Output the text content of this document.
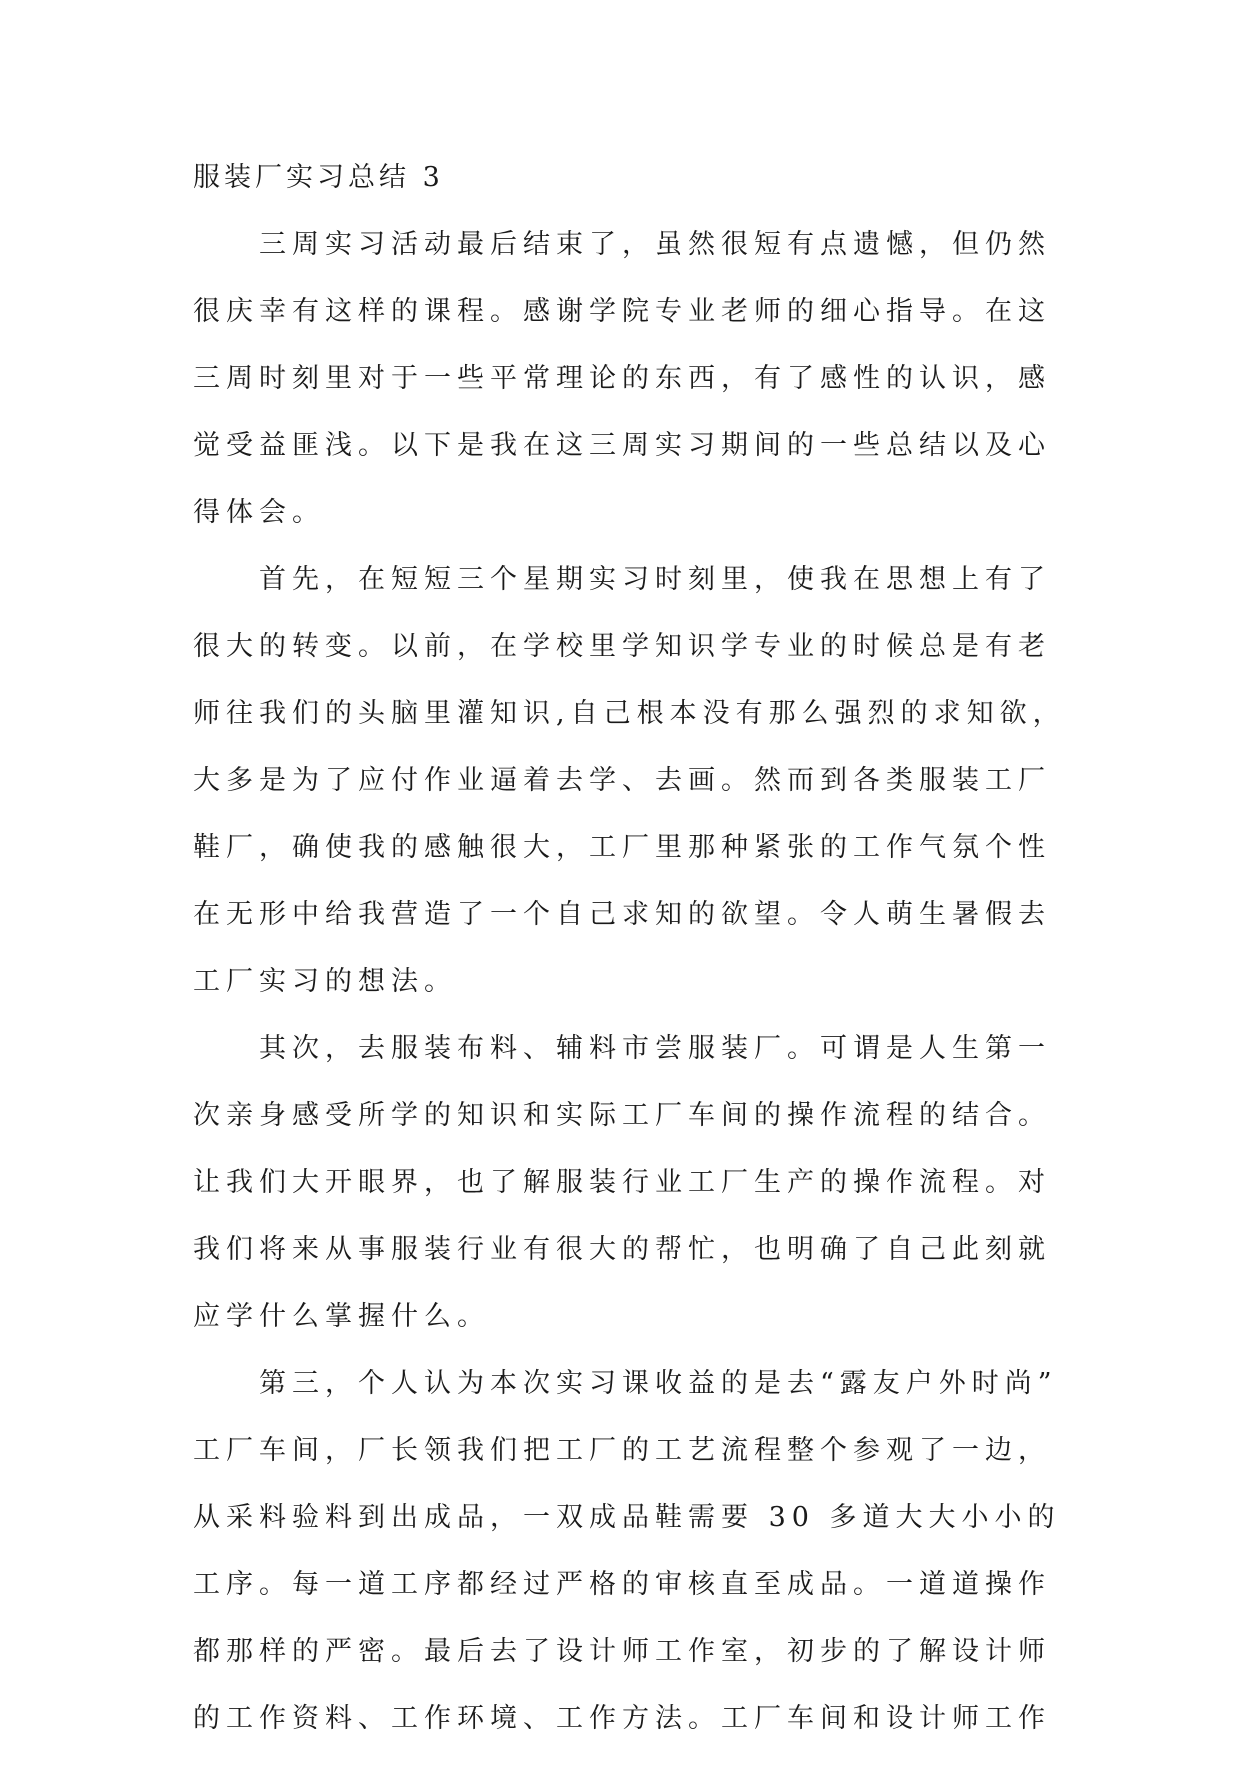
服装厂实习总结 3
三周实习活动最后结束了，虽然很短有点遗憾，但仍然
很庆幸有这样的课程。感谢学院专业老师的细心指导。在这
三周时刻里对于一些平常理论的东西，有了感性的认识，感
觉受益匪浅。以下是我在这三周实习期间的一些总结以及心
得体会。
首先，在短短三个星期实习时刻里，使我在思想上有了
很大的转变。以前，在学校里学知识学专业的时候总是有老
师往我们的头脑里灌知识,自己根本没有那么强烈的求知欲，
大多是为了应付作业逼着去学、去画。然而到各类服装工厂
鞋厂，确使我的感触很大，工厂里那种紧张的工作气氛个性
在无形中给我营造了一个自己求知的欲望。令人萌生暑假去
工厂实习的想法。
其次，去服装布料、辅料市尝服装厂。可谓是人生第一
次亲身感受所学的知识和实际工厂车间的操作流程的结合。
让我们大开眼界，也了解服装行业工厂生产的操作流程。对
我们将来从事服装行业有很大的帮忙，也明确了自己此刻就
应学什么掌握什么。
第三，个人认为本次实习课收益的是去“露友户外时尚”
工厂车间，厂长领我们把工厂的工艺流程整个参观了一边，
从采料验料到出成品，一双成品鞋需要 30 多道大大小小的
工序。每一道工序都经过严格的审核直至成品。一道道操作
都那样的严密。最后去了设计师工作室，初步的了解设计师
的工作资料、工作环境、工作方法。工厂车间和设计师工作
